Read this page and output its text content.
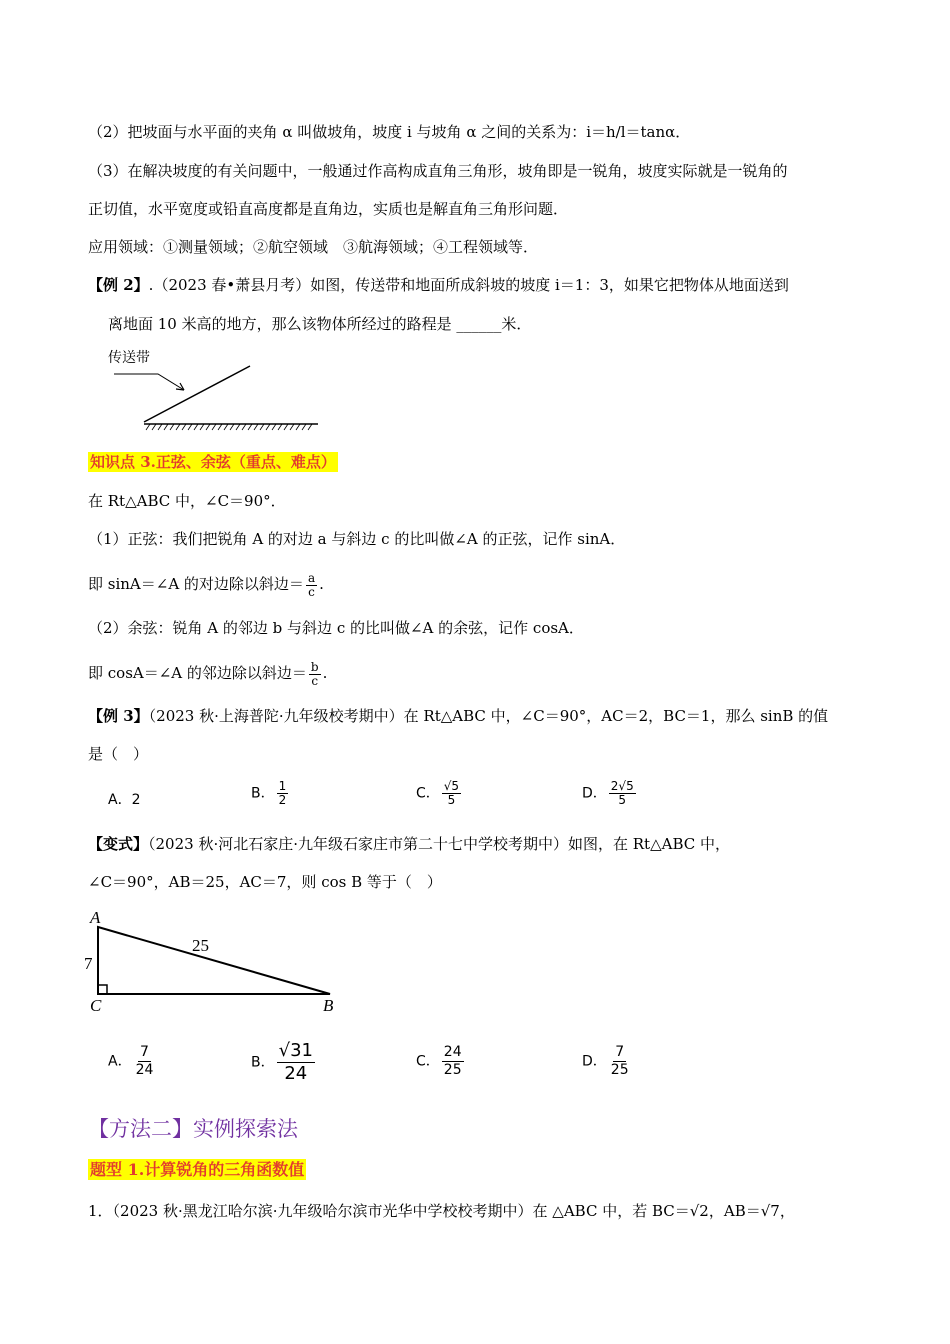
（2）把坡面与水平面的夹角 α 叫做坡角，坡度 i 与坡角 α 之间的关系为：i＝h/l＝tanα．
（3）在解决坡度的有关问题中，一般通过作高构成直角三角形，坡角即是一锐角，坡度实际就是一锐角的
正切值，水平宽度或铅直高度都是直角边，实质也是解直角三角形问题．
应用领域：①测量领域；②航空领域　③航海领域；④工程领域等．
【例 2】.（2023 春•萧县月考）如图，传送带和地面所成斜坡的坡度 i＝1：3，如果它把物体从地面送到
离地面 10 米高的地方，那么该物体所经过的路程是 ______米．
传送带
知识点 3.正弦、余弦（重点、难点）
在 Rt△ABC 中，∠C＝90°．
（1）正弦：我们把锐角 A 的对边 a 与斜边 c 的比叫做∠A 的正弦，记作 sinA．
即 sinA＝∠A 的对边除以斜边＝ $\frac{a}{c}$ .
（2）余弦：锐角 A 的邻边 b 与斜边 c 的比叫做∠A 的余弦，记作 cosA．
即 cosA＝∠A 的邻边除以斜边＝ $\frac{b}{c}$ .
【例 3】（2023 秋·上海普陀·九年级校考期中）在 Rt△ABC 中，∠C＝90°，AC＝2，BC＝1，那么 sinB 的值
是（　）
A．2	B． $\frac{1}{2}$	C． $\frac{√5}{5}$	D． $\frac{2√5}{5}$
【变式】（2023 秋·河北石家庄·九年级石家庄市第二十七中学校考期中）如图，在 Rt△ABC 中，
∠C＝90°，AB＝25，AC＝7，则 cos B 等于（　）
A
C	B
7
25
A． $\frac{7}{24}$	B． $\frac{√31}{24}$	C． $\frac{24}{25}$	D． $\frac{7}{25}$
【方法二】实例探索法
题型 1.计算锐角的三角函数值
1．（2023 秋·黑龙江哈尔滨·九年级哈尔滨市光华中学校校考期中）在 △ABC 中，若 BC＝√2，AB＝√7，
